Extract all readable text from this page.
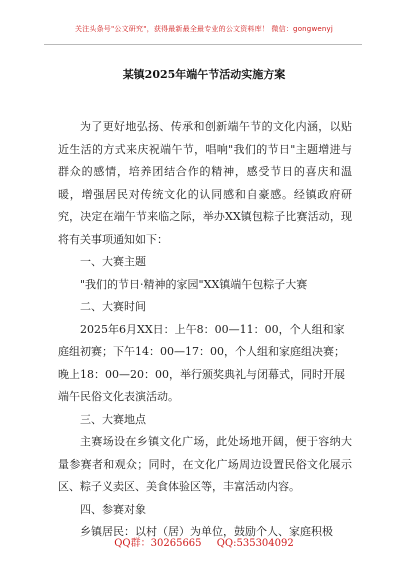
关注头条号"公文研究"，获得最新最全最专业的公文资料库！ 微信：gongwenyj
某镇2025年端午节活动实施方案

为了更好地弘扬、传承和创新端午节的文化内涵，以贴近生活的方式来庆祝端午节，唱响"我们的节日"主题增进与群众的感情，培养团结合作的精神，感受节日的喜庆和温暖，增强居民对传统文化的认同感和自豪感。经镇政府研究，决定在端午节来临之际，举办XX镇包粽子比赛活动，现将有关事项通知如下：

一、大赛主题

"我们的节日·精神的家园"XX镇端午包粽子大赛

二、大赛时间

2025年6月XX日：上午8：00—11：00，个人组和家

庭组初赛；下午14：00—17：00，个人组和家庭组决赛；

晚上18：00—20：00，举行颁奖典礼与闭幕式，同时开展

端午民俗文化表演活动。

三、大赛地点

主赛场设在乡镇文化广场，此处场地开阔，便于容纳大量参赛者和观众；同时，在文化广场周边设置民俗文化展示区、粽子义卖区、美食体验区等，丰富活动内容。

四、参赛对象

乡镇居民：以村（居）为单位，鼓励个人、家庭积极

QQ群：30265665 QQ:535304092
